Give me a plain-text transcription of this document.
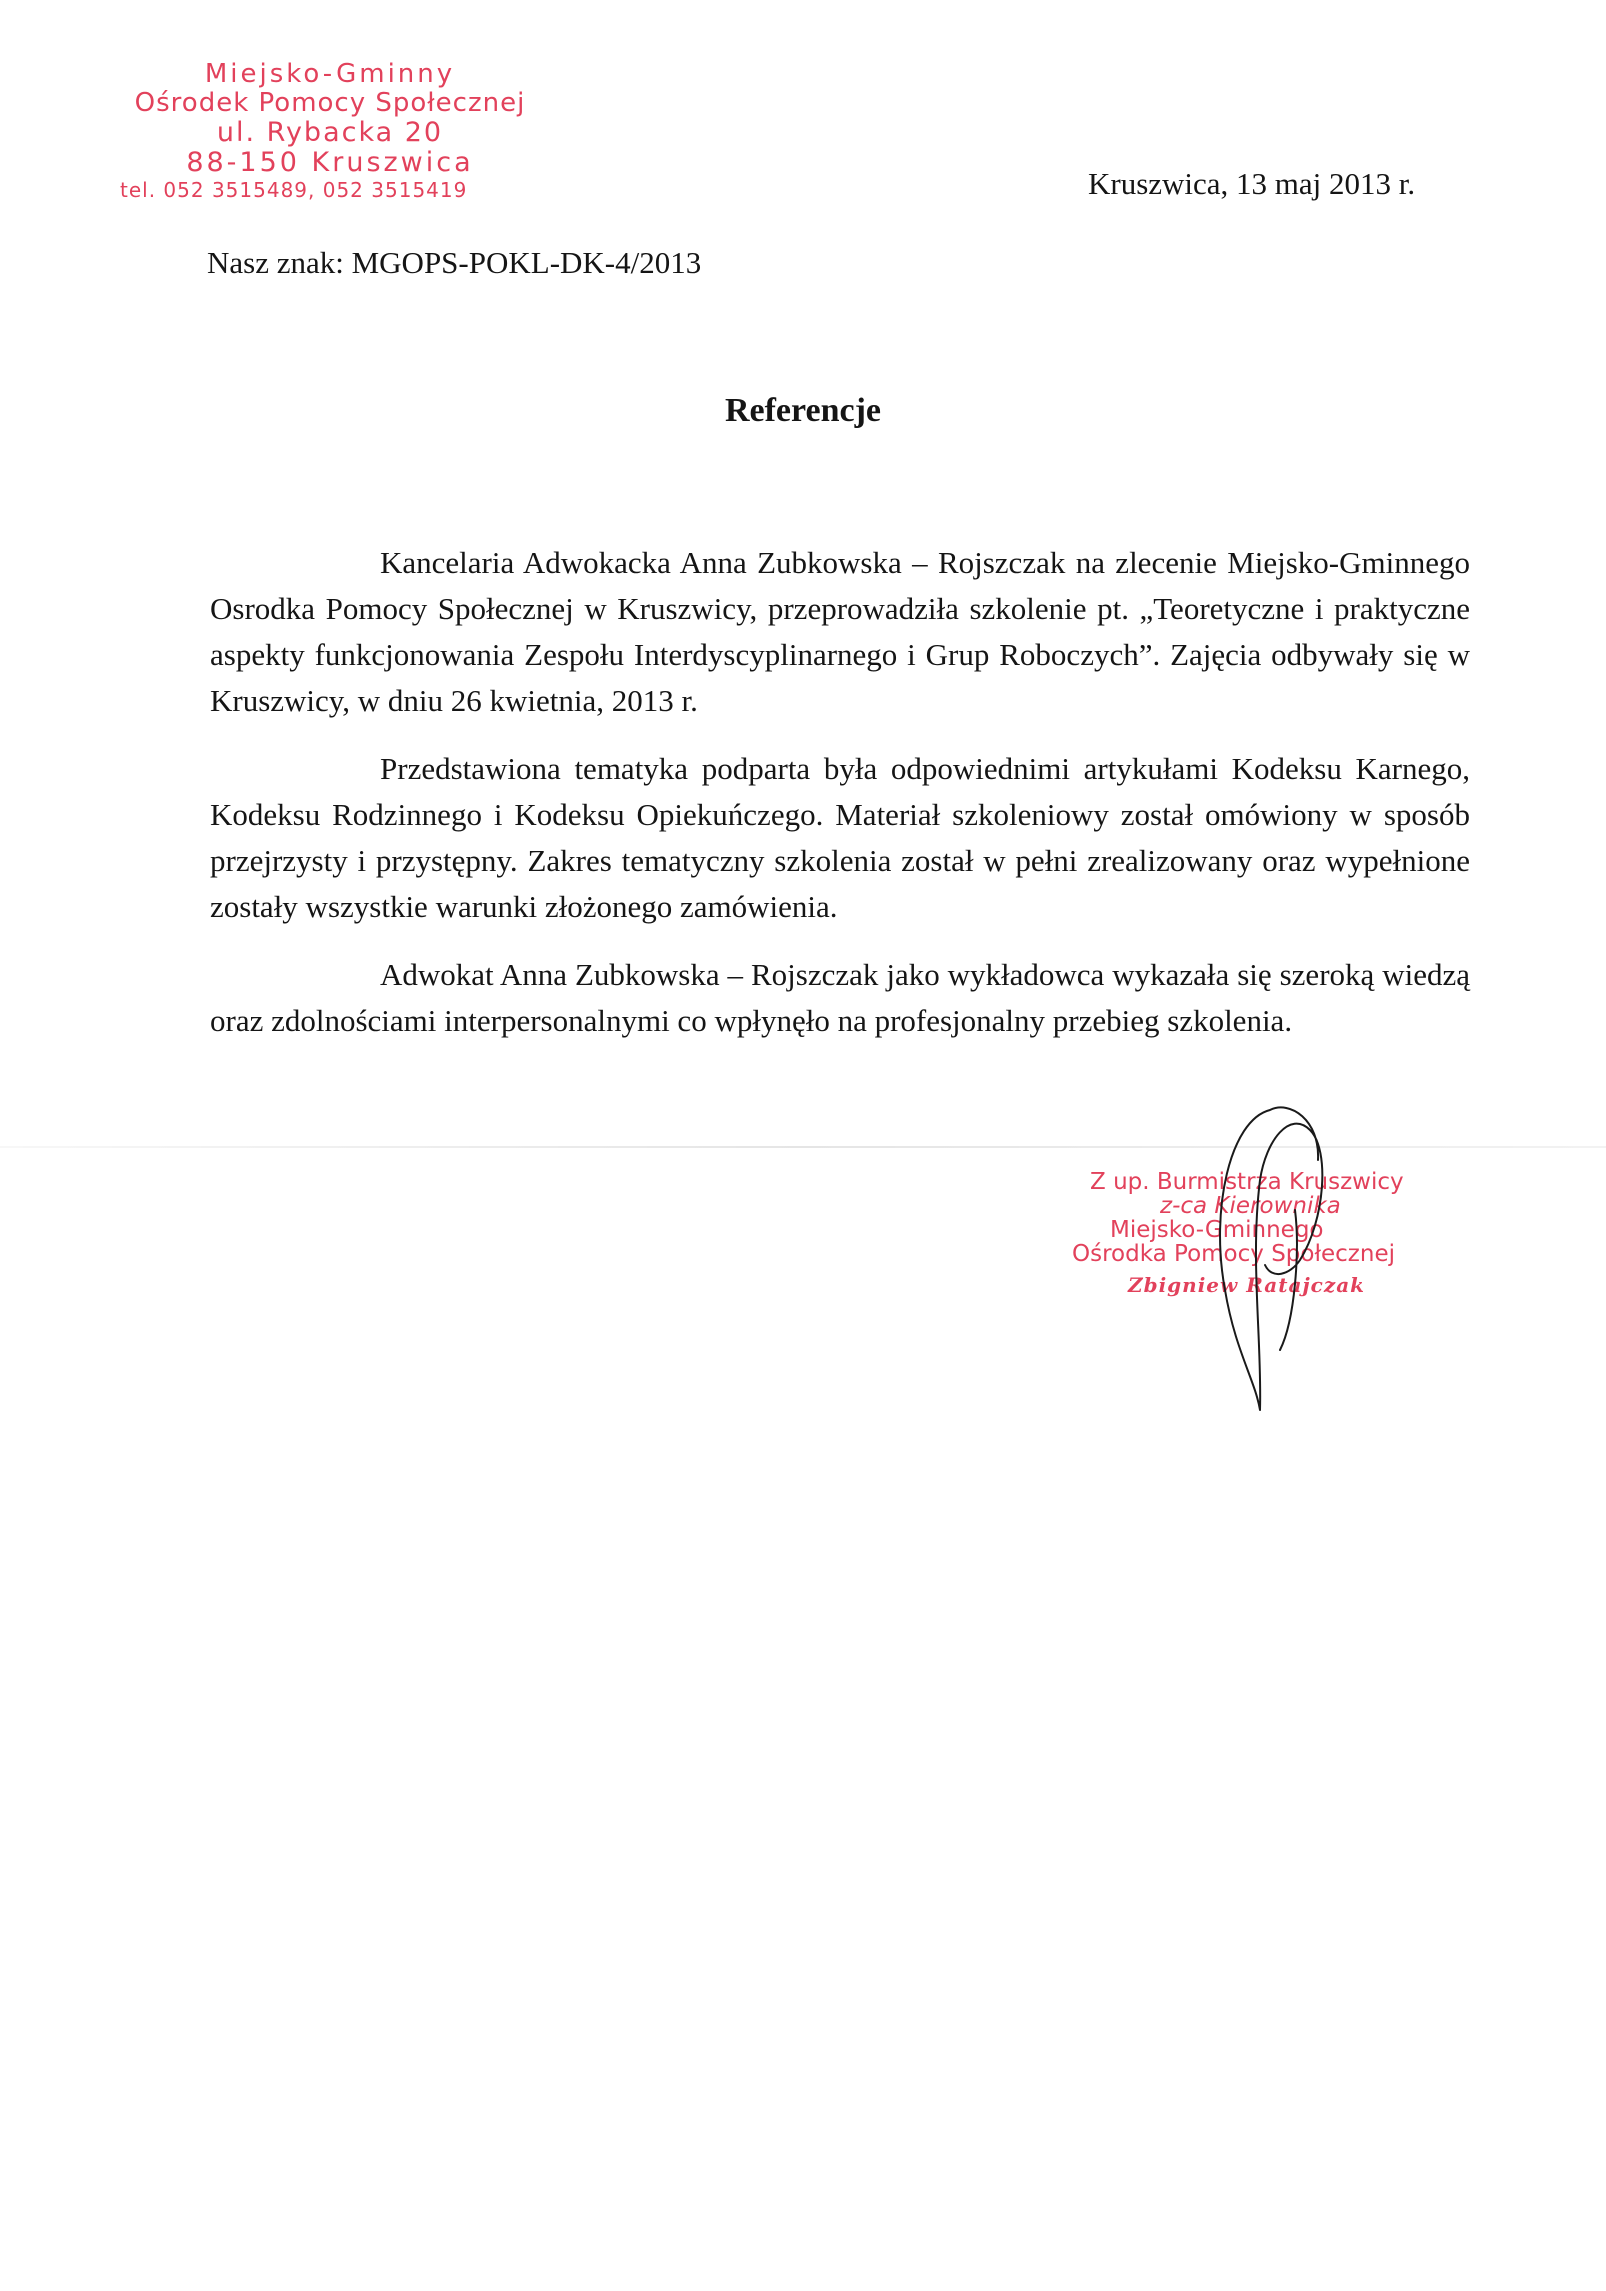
Miejsko-Gminny
Ośrodek Pomocy Społecznej
ul. Rybacka 20
88-150 Kruszwica
tel. 052 3515489, 052 3515419	Kruszwica, 13 maj 2013 r.
Nasz znak: MGOPS-POKL-DK-4/2013
Referencje

Kancelaria Adwokacka Anna Zubkowska – Rojszczak na zlecenie Miejsko-Gminnego Osrodka Pomocy Społecznej w Kruszwicy, przeprowadziła szkolenie pt. „Teoretyczne i praktyczne aspekty funkcjonowania Zespołu Interdyscyplinarnego i Grup Roboczych”. Zajęcia odbywały się w Kruszwicy, w dniu 26 kwietnia, 2013 r.

Przedstawiona tematyka podparta była odpowiednimi artykułami Kodeksu Karnego, Kodeksu Rodzinnego i Kodeksu Opiekuńczego. Materiał szkoleniowy został omówiony w sposób przejrzysty i przystępny. Zakres tematyczny szkolenia został w pełni zrealizowany oraz wypełnione zostały wszystkie warunki złożonego zamówienia.

Adwokat Anna Zubkowska – Rojszczak jako wykładowca wykazała się szeroką wiedzą oraz zdolnościami interpersonalnymi co wpłynęło na profesjonalny przebieg szkolenia.

Z up. Burmistrza Kruszwicy
z-ca Kierownika
Miejsko-Gminnego
Ośrodka Pomocy Społecznej
Zbigniew Ratajczak
